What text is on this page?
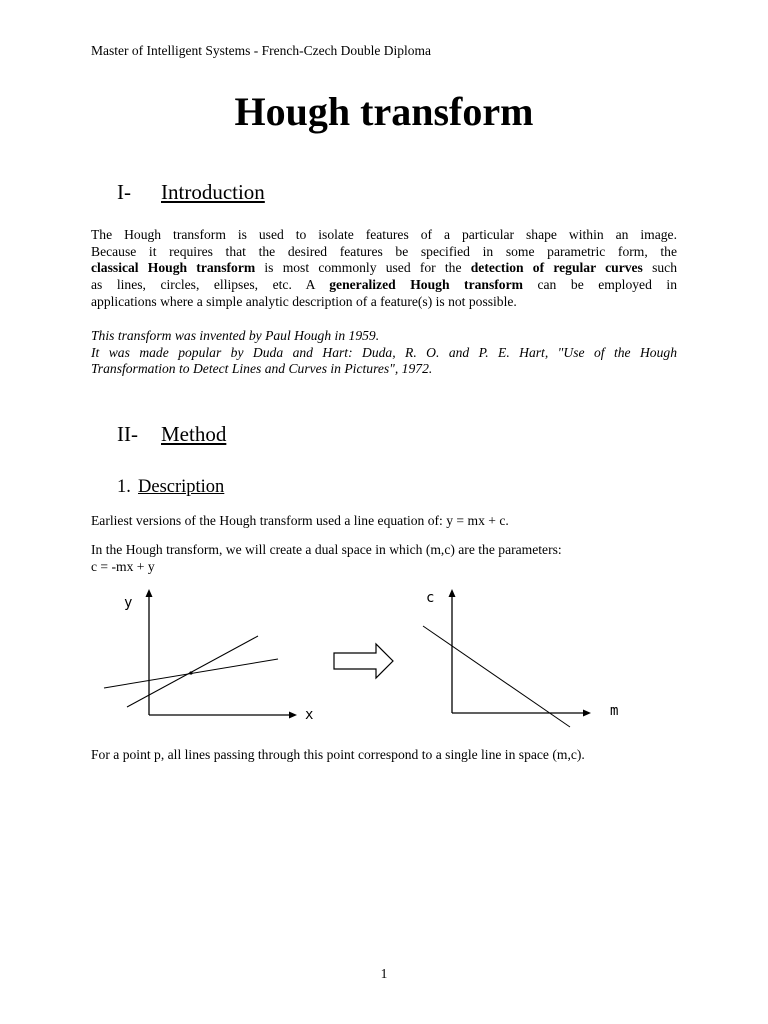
Master of Intelligent Systems - French-Czech Double Diploma
Hough transform
I- Introduction
The Hough transform is used to isolate features of a particular shape within an image.
Because it requires that the desired features be specified in some parametric form, the
classical Hough transform is most commonly used for the detection of regular curves such
as lines, circles, ellipses, etc. A generalized Hough transform can be employed in
applications where a simple analytic description of a feature(s) is not possible.
This transform was invented by Paul Hough in 1959.
It was made popular by Duda and Hart: Duda, R. O. and P. E. Hart, "Use of the Hough
Transformation to Detect Lines and Curves in Pictures", 1972.
II- Method
1. Description
Earliest versions of the Hough transform used a line equation of: y = mx + c.
In the Hough transform, we will create a dual space in which (m,c) are the parameters:
c = -mx + y
y
x
c
m
For a point p, all lines passing through this point correspond to a single line in space (m,c).
1
